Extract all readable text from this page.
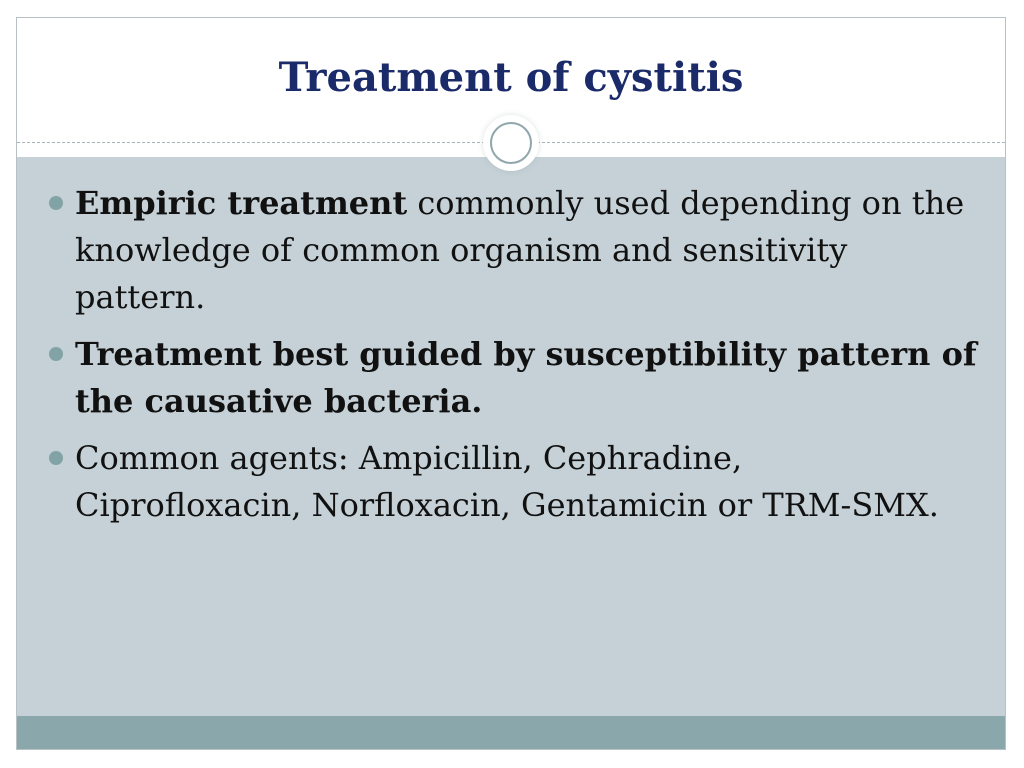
Treatment of cystitis
Empiric treatment commonly used depending on the knowledge of common organism and sensitivity pattern.
Treatment best guided by susceptibility pattern of the causative bacteria.
Common agents: Ampicillin, Cephradine, Ciprofloxacin, Norfloxacin, Gentamicin or TRM-SMX.
